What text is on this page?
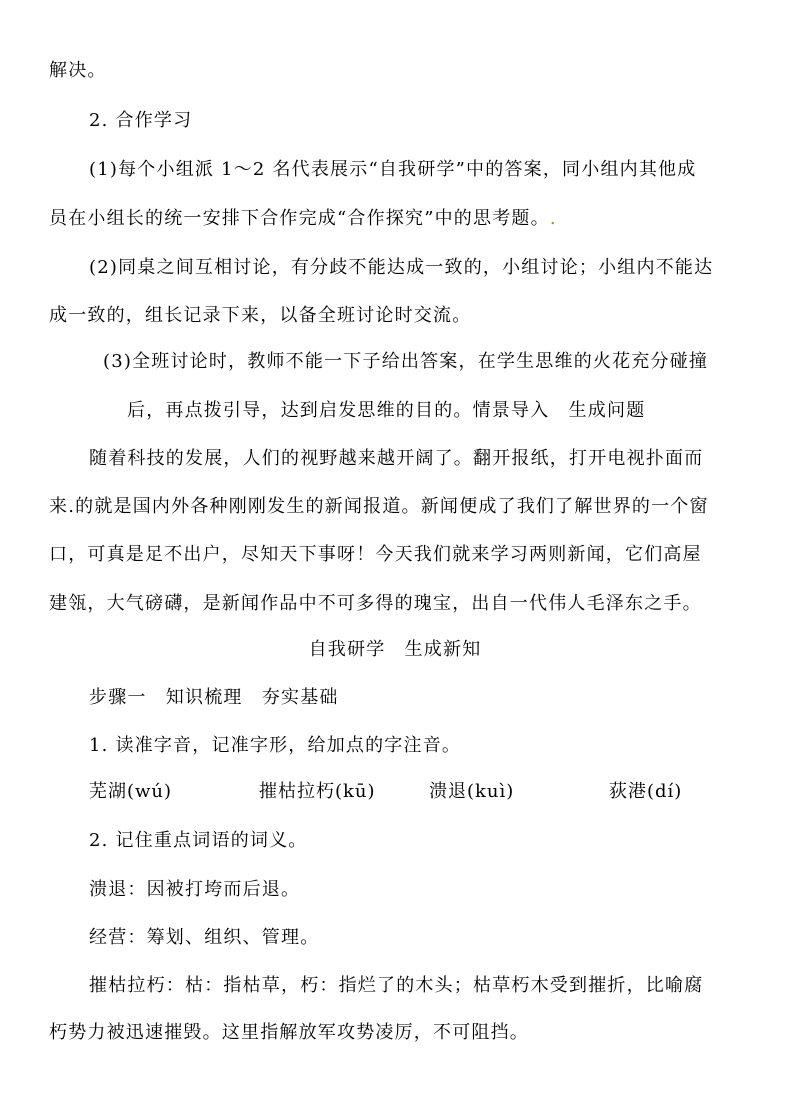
解决。
2. 合作学习
(1)每个小组派 1～2 名代表展示“自我研学”中的答案，同小组内其他成
员在小组长的统一安排下合作完成“合作探究”中的思考题。.
(2)同桌之间互相讨论，有分歧不能达成一致的，小组讨论；小组内不能达
成一致的，组长记录下来，以备全班讨论时交流。
(3)全班讨论时，教师不能一下子给出答案，在学生思维的火花充分碰撞
后，再点拨引导，达到启发思维的目的。情景导入　生成问题
随着科技的发展，人们的视野越来越开阔了。翻开报纸，打开电视扑面而
来.的就是国内外各种刚刚发生的新闻报道。新闻便成了我们了解世界的一个窗
口，可真是足不出户，尽知天下事呀！今天我们就来学习两则新闻，它们高屋
建瓴，大气磅礴，是新闻作品中不可多得的瑰宝，出自一代伟人毛泽东之手。
自我研学　生成新知
步骤一　知识梳理　夯实基础
1. 读准字音，记准字形，给加点的字注音。
芜湖(wú)	摧枯拉朽(kū)	溃退(kuì)	荻港(dí)
2. 记住重点词语的词义。
溃退：因被打垮而后退。
经营：筹划、组织、管理。
摧枯拉朽：枯：指枯草，朽：指烂了的木头；枯草朽木受到摧折，比喻腐
朽势力被迅速摧毁。这里指解放军攻势凌厉，不可阻挡。
